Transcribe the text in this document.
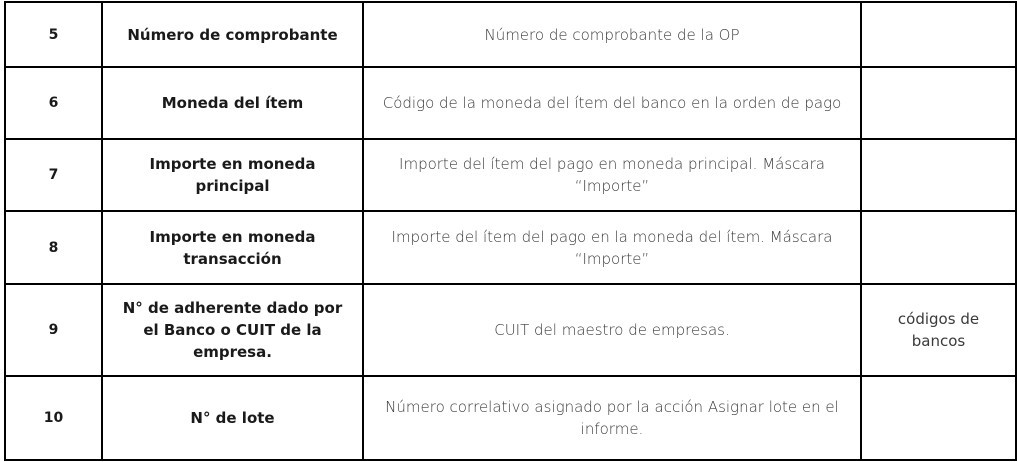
5	Número de comprobante	Número de comprobante de la OP	
6	Moneda del ítem	Código de la moneda del ítem del banco en la orden de pago	
7	Importe en moneda principal	Importe del ítem del pago en moneda principal. Máscara “Importe”	
8	Importe en moneda transacción	Importe del ítem del pago en la moneda del ítem. Máscara “Importe”	
9	N° de adherente dado por el Banco o CUIT de la empresa.	CUIT del maestro de empresas.	códigos de bancos
10	N° de lote	Número correlativo asignado por la acción Asignar lote en el informe.	
